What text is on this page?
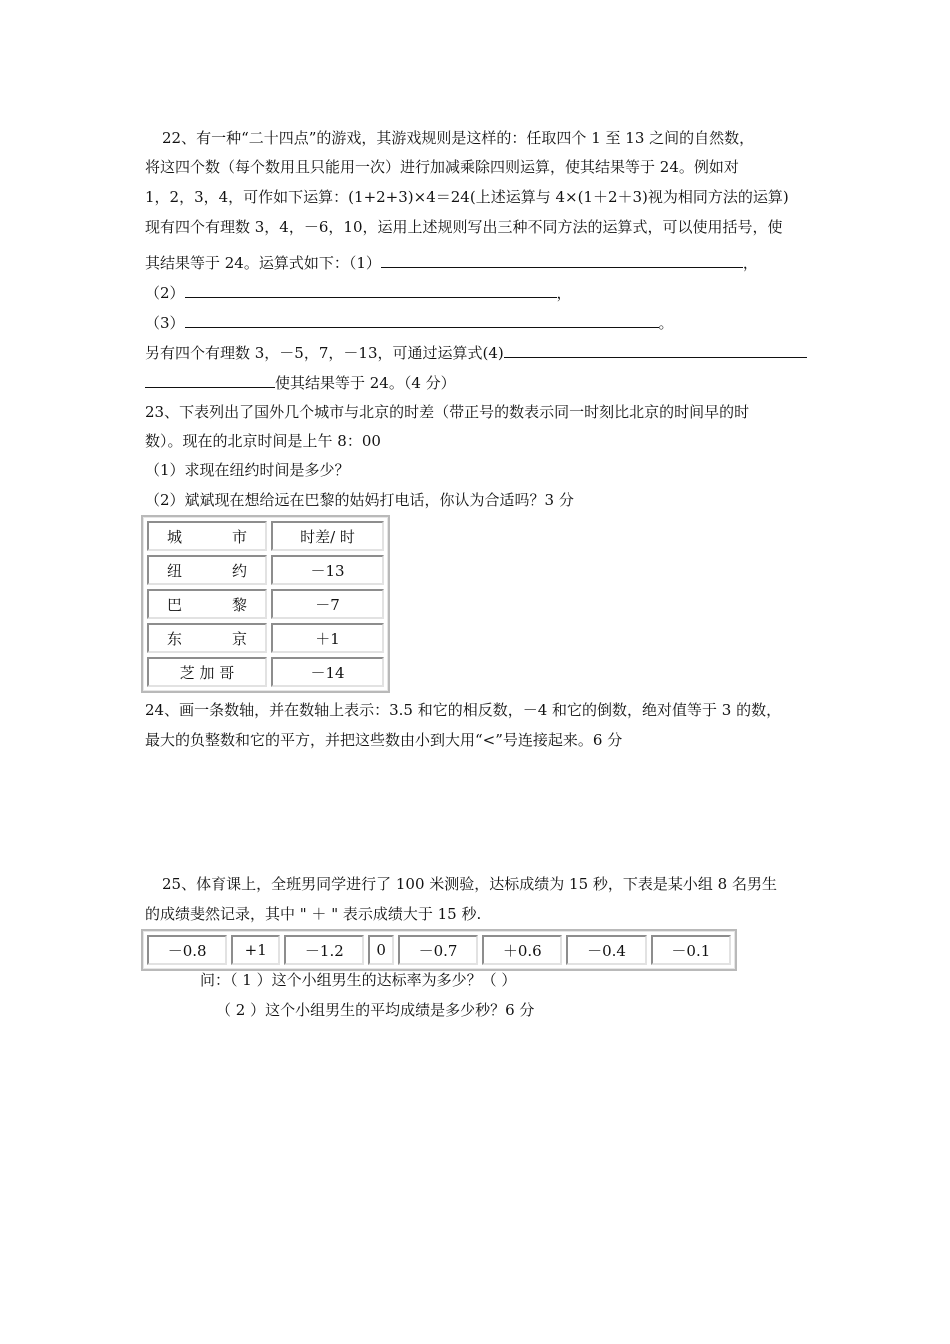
22、有一种“二十四点”的游戏，其游戏规则是这样的：任取四个 1 至 13 之间的自然数，
将这四个数（每个数用且只能用一次）进行加减乘除四则运算，使其结果等于 24。例如对
1，2，3，4，可作如下运算：(1+2+3)×4＝24(上述运算与 4×(1＋2＋3)视为相同方法的运算)
现有四个有理数 3，4，－6，10，运用上述规则写出三种不同方法的运算式，可以使用括号，使
其结果等于 24。运算式如下：（1）	，
（2）	，
（3）	。
另有四个有理数 3，－5，7，－13，可通过运算式(4)
使其结果等于 24。（4 分）
23、下表列出了国外几个城市与北京的时差（带正号的数表示同一时刻比北京的时间早的时
数）。现在的北京时间是上午 8：00
（1）求现在纽约时间是多少？
（2）斌斌现在想给远在巴黎的姑妈打电话，你认为合适吗？3 分
城 市	时差/ 时

纽 约	－13

巴 黎	－7

东 京	＋1
芝 加 哥	－14
24、画一条数轴，并在数轴上表示：3.5 和它的相反数，－4 和它的倒数，绝对值等于 3 的数，
最大的负整数和它的平方，并把这些数由小到大用“<”号连接起来。6 分
25、体育课上，全班男同学进行了 100 米测验，达标成绩为 15 秒，下表是某小组 8 名男生
的成绩斐然记录，其中 " ＋ " 表示成绩大于 15 秒.
－0.8	+1	－1.2	0	－0.7	＋0.6	－0.4	－0.1
问：（ 1 ）这个小组男生的达标率为多少？（ ）
（ 2 ）这个小组男生的平均成绩是多少秒？6 分
